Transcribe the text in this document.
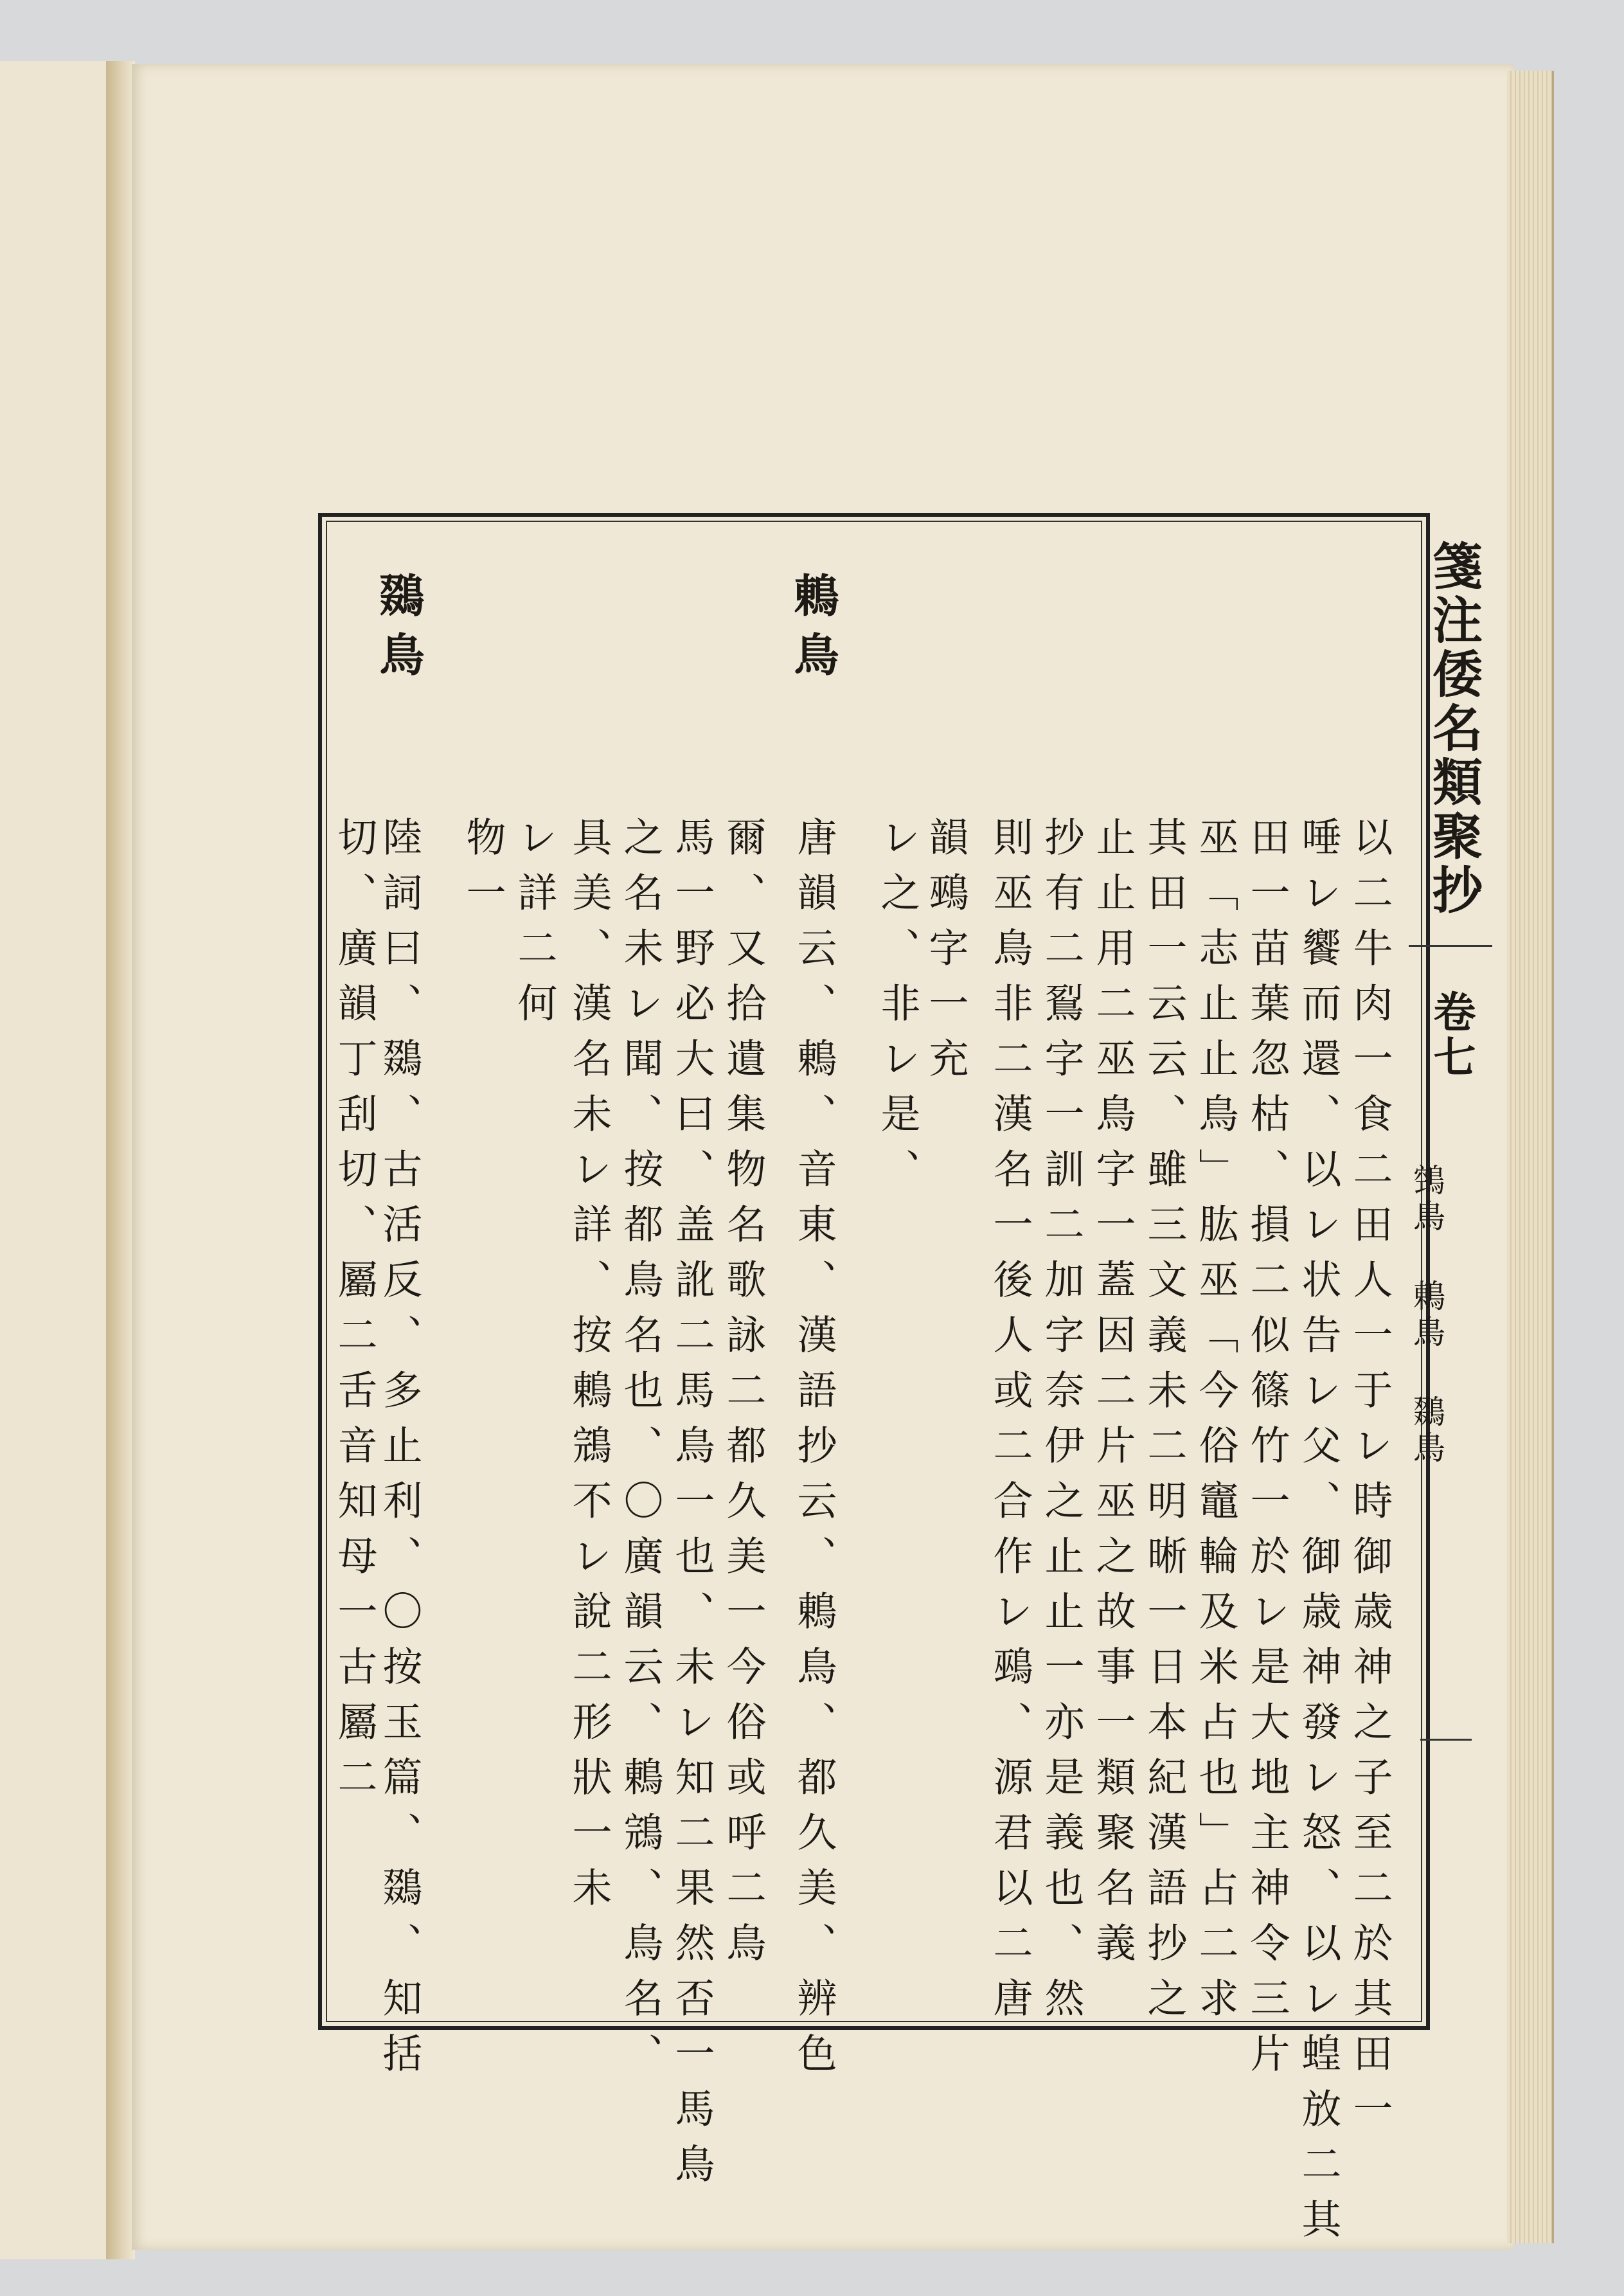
箋注倭名類聚抄
卷七
鵼鳥
鶇鳥
鵽鳥
鶇鳥
鵽鳥
以二牛肉一食二田人一于レ時御歳神之子至二於其田一
唾レ饗而還、以レ状告レ父、御歳神發レ怒、以レ蝗放二其
田一苗葉忽枯、損二似篠竹一於レ是大地主神令三片
巫「志止止鳥」肱巫「今俗竈輪及米占也」占二求
其田一云云、雖三文義未二明晰一日本紀漢語抄之
止止用二巫鳥字一蓋因二片巫之故事一類聚名義
抄有二鴷字一訓二加字奈伊之止止一亦是義也、然
則巫鳥非二漢名一後人或二合作レ鵐、源君以二唐
韻鵐字一充
レ之、非レ是、
唐韻云、鶇、音東、漢語抄云、鶇鳥、都久美、辨色
爾、又拾遺集物名歌詠二都久美一今俗或呼二鳥
馬一野必大曰、盖訛二馬鳥一也、未レ知二果然否一馬鳥
之名未レ聞、按都鳥名也、〇廣韻云、鶇鵍、鳥名、
具美、漢名未レ詳、按鶇鵍不レ說二形狀一未
レ詳二何
物一
陸詞曰、鵽、古活反、多止利、〇按玉篇、鵽、知括
切、廣韻丁刮切、屬二舌音知母一古屬二
